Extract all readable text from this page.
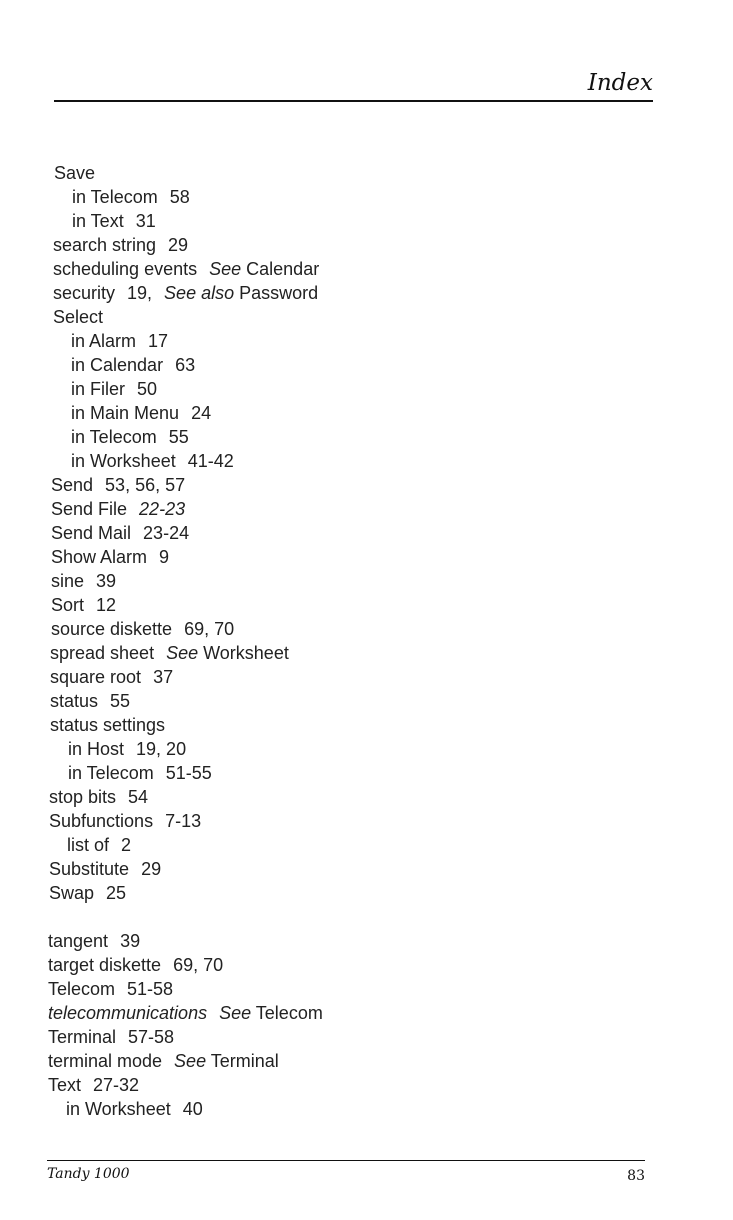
Index
Save
in Telecom 58
in Text 31
search string 29
scheduling events See Calendar
security 19, See also Password
Select
in Alarm 17
in Calendar 63
in Filer 50
in Main Menu 24
in Telecom 55
in Worksheet 41-42
Send 53, 56, 57
Send File 22-23
Send Mail 23-24
Show Alarm 9
sine 39
Sort 12
source diskette 69, 70
spread sheet See Worksheet
square root 37
status 55
status settings
in Host 19, 20
in Telecom 51-55
stop bits 54
Subfunctions 7-13
list of 2
Substitute 29
Swap 25
tangent 39
target diskette 69, 70
Telecom 51-58
telecommunications See Telecom
Terminal 57-58
terminal mode See Terminal
Text 27-32
in Worksheet 40
Tandy 1000	83
